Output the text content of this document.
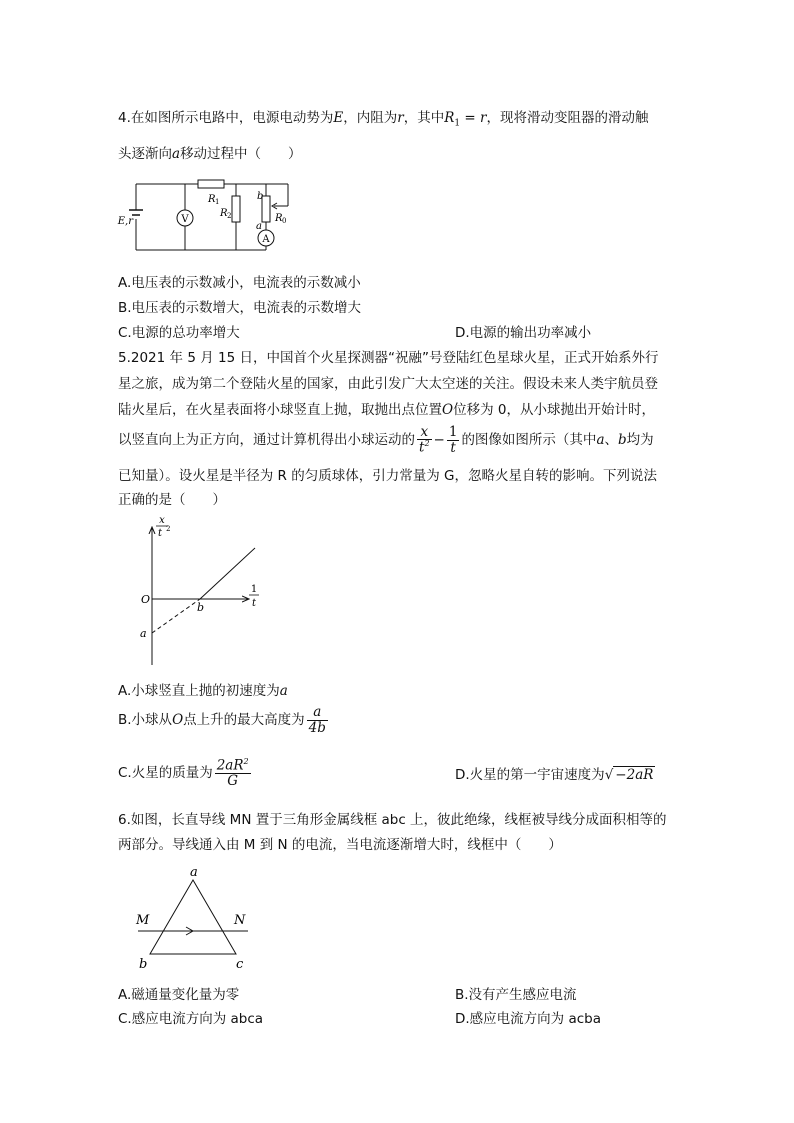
4.在如图所示电路中，电源电动势为E，内阻为r，其中$R_1 = r$，现将滑动变阻器的滑动触
头逐渐向a移动过程中（　　）
E,r	V
R 1
R 2
b
R 0
a
A
A.电压表的示数减小，电流表的示数减小
B.电压表的示数增大，电流表的示数增大
C.电源的总功率增大	D.电源的输出功率减小
5.2021 年 5 月 15 日，中国首个火星探测器“祝融”号登陆红色星球火星，正式开始系外行
星之旅，成为第二个登陆火星的国家，由此引发广大太空迷的关注。假设未来人类宇航员登
陆火星后，在火星表面将小球竖直上抛，取抛出点位置O位移为 0，从小球抛出开始计时，
以竖直向上为正方向，通过计算机得出小球运动的 $\frac{x}{t^2} - \frac{1}{t}$ 的图像如图所示（其中a、b均为
已知量）。设火星是半径为 R 的匀质球体，引力常量为 G，忽略火星自转的影响。下列说法
正确的是（　　）
x
t 2
1
t
O
a
b
A.小球竖直上抛的初速度为a
B.小球从O点上升的最大高度为 $\frac{a}{4b}$
C.火星的质量为 $\frac{2aR^2}{G}$	D.火星的第一宇宙速度为√ −2aR
6.如图，长直导线 MN 置于三角形金属线框 abc 上，彼此绝缘，线框被导线分成面积相等的
两部分。导线通入由 M 到 N 的电流，当电流逐渐增大时，线框中（　　）
a
M	N
b	c
A.磁通量变化量为零	B.没有产生感应电流
C.感应电流方向为 abca	D.感应电流方向为 acba
